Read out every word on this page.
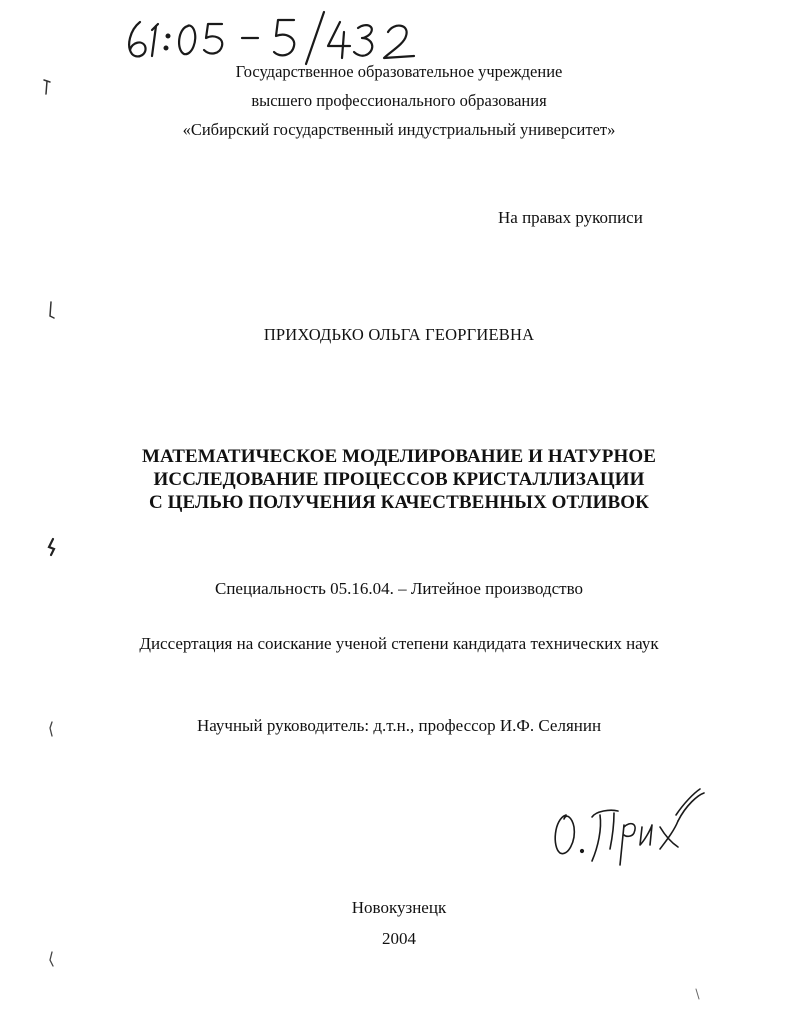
Государственное образовательное учреждение
высшего профессионального образования
«Сибирский государственный индустриальный университет»
На правах рукописи
ПРИХОДЬКО ОЛЬГА ГЕОРГИЕВНА
МАТЕМАТИЧЕСКОЕ МОДЕЛИРОВАНИЕ И НАТУРНОЕ
ИССЛЕДОВАНИЕ ПРОЦЕССОВ КРИСТАЛЛИЗАЦИИ
С ЦЕЛЬЮ ПОЛУЧЕНИЯ КАЧЕСТВЕННЫХ ОТЛИВОК
Специальность 05.16.04. – Литейное производство
Диссертация на соискание ученой степени кандидата технических наук
Научный руководитель: д.т.н., профессор И.Ф. Селянин
Новокузнецк
2004
